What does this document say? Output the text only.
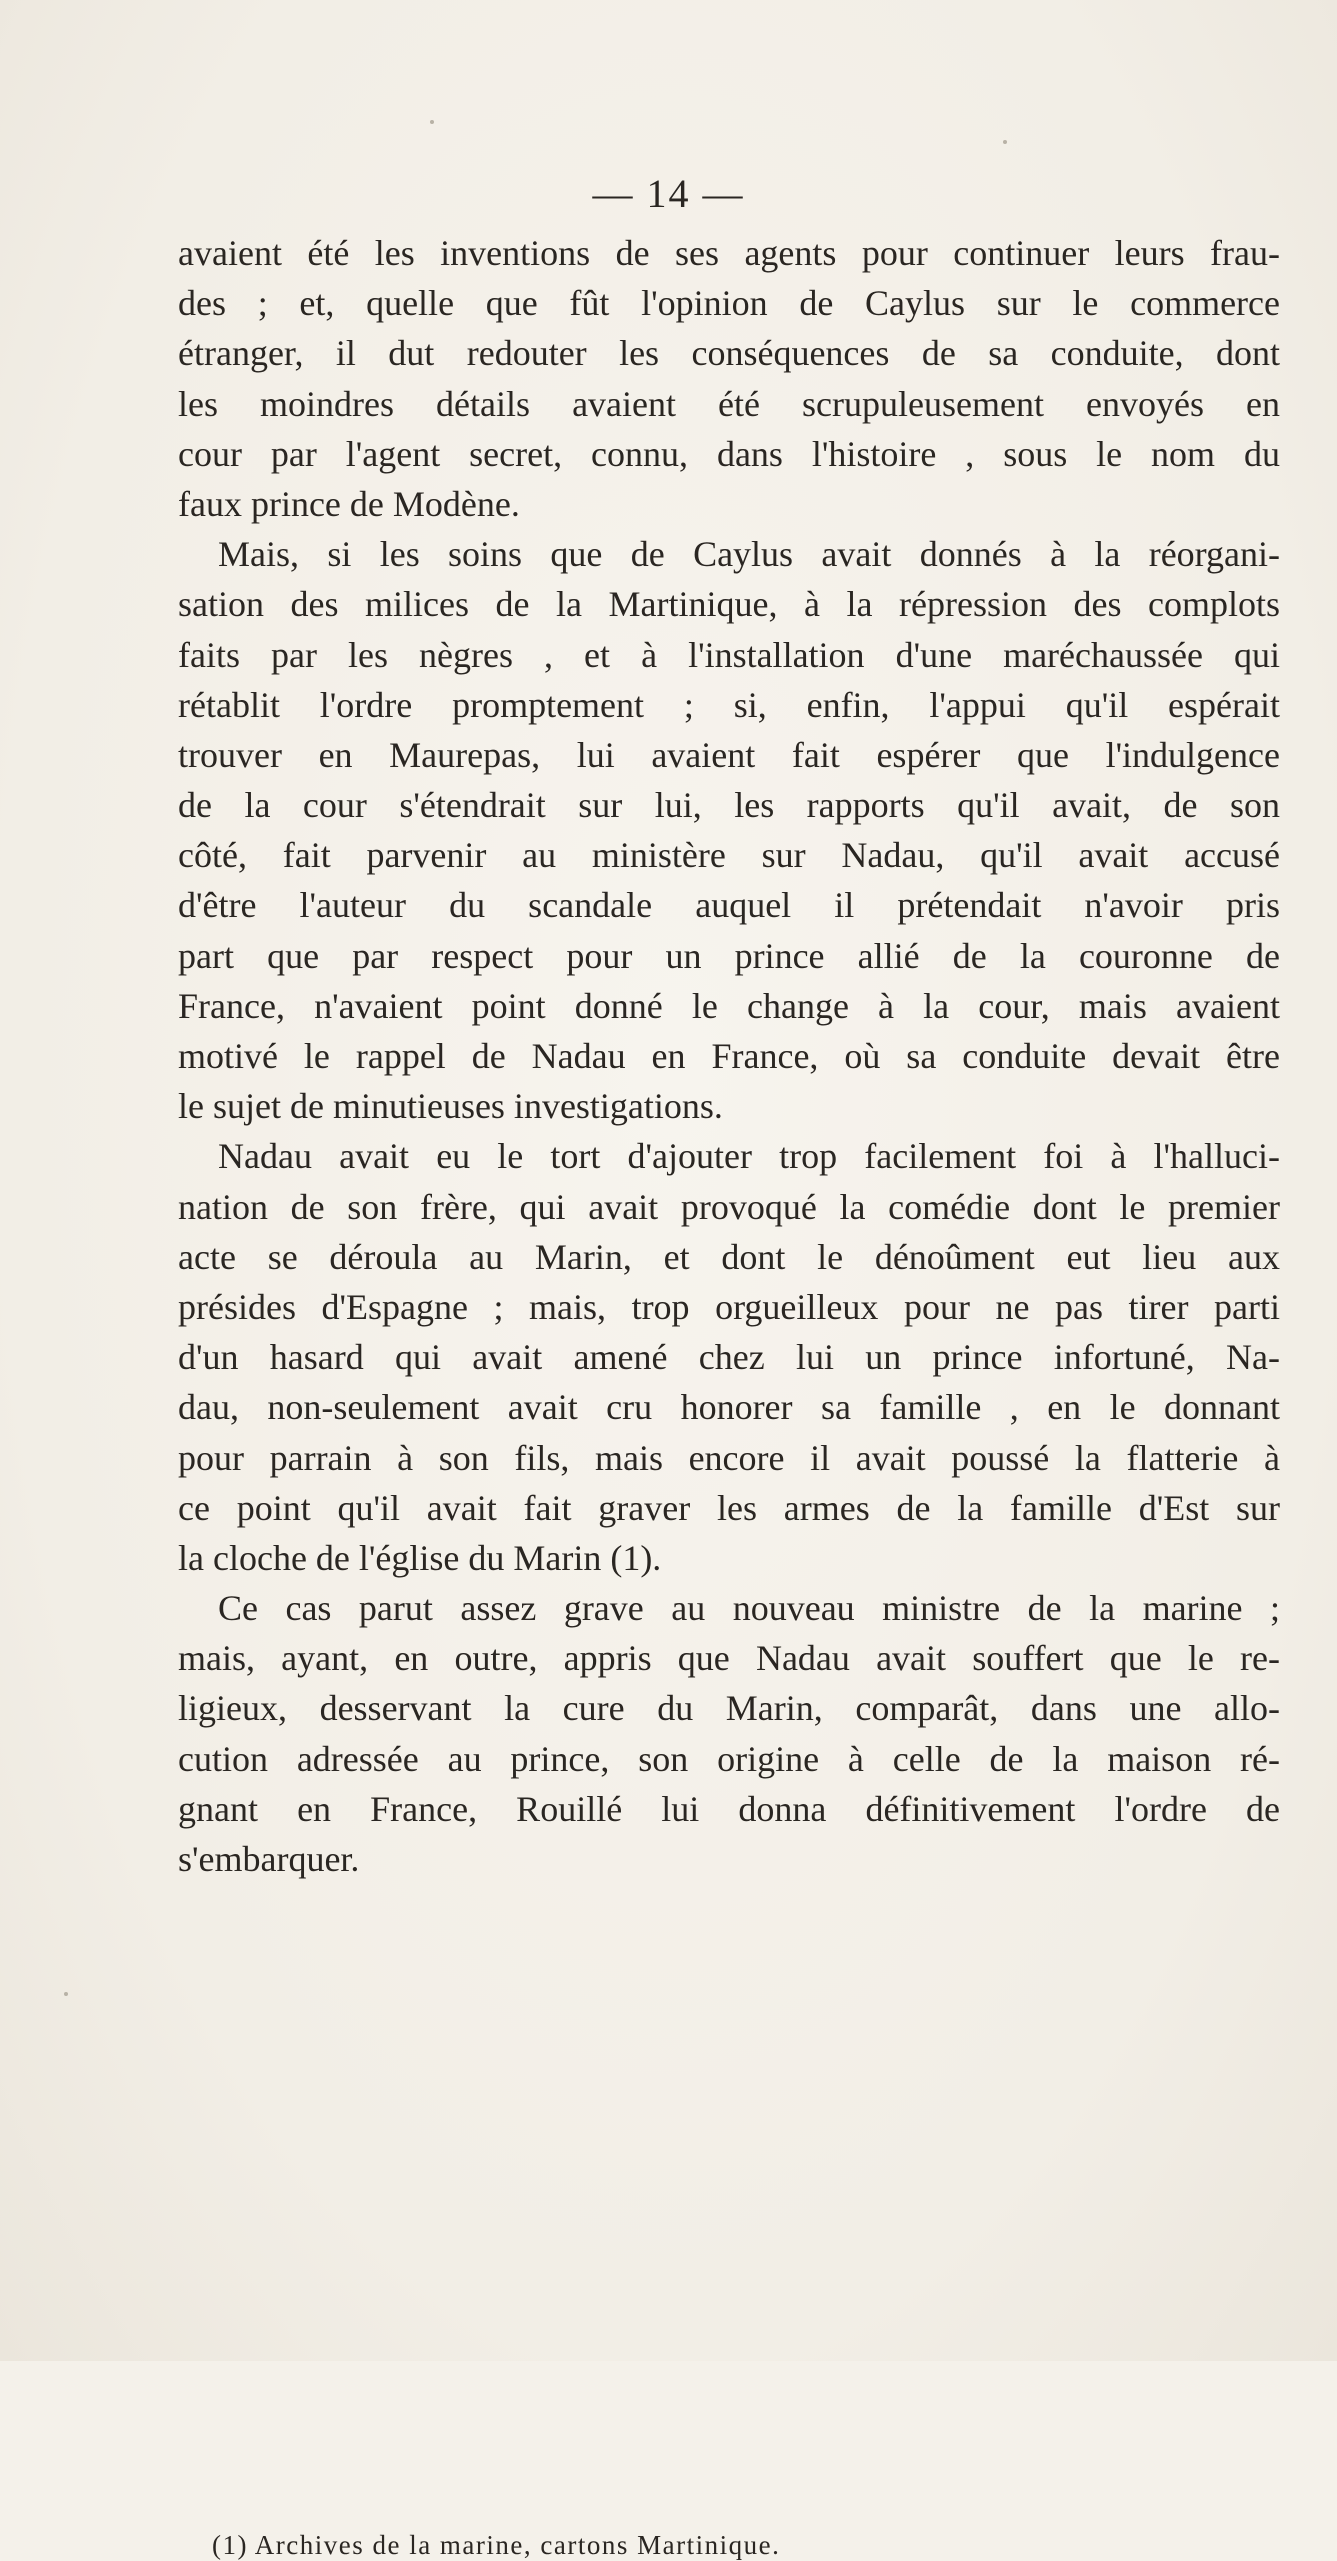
— 14 —
avaient été les inventions de ses agents pour continuer leurs frau-
des ; et, quelle que fût l'opinion de Caylus sur le commerce
étranger, il dut redouter les conséquences de sa conduite, dont
les moindres détails avaient été scrupuleusement envoyés en
cour par l'agent secret, connu, dans l'histoire , sous le nom du
faux prince de Modène.
Mais, si les soins que de Caylus avait donnés à la réorgani-
sation des milices de la Martinique, à la répression des complots
faits par les nègres , et à l'installation d'une maréchaussée qui
rétablit l'ordre promptement ; si, enfin, l'appui qu'il espérait
trouver en Maurepas, lui avaient fait espérer que l'indulgence
de la cour s'étendrait sur lui, les rapports qu'il avait, de son
côté, fait parvenir au ministère sur Nadau, qu'il avait accusé
d'être l'auteur du scandale auquel il prétendait n'avoir pris
part que par respect pour un prince allié de la couronne de
France, n'avaient point donné le change à la cour, mais avaient
motivé le rappel de Nadau en France, où sa conduite devait être
le sujet de minutieuses investigations.
Nadau avait eu le tort d'ajouter trop facilement foi à l'halluci-
nation de son frère, qui avait provoqué la comédie dont le premier
acte se déroula au Marin, et dont le dénoûment eut lieu aux
présides d'Espagne ; mais, trop orgueilleux pour ne pas tirer parti
d'un hasard qui avait amené chez lui un prince infortuné, Na-
dau, non-seulement avait cru honorer sa famille , en le donnant
pour parrain à son fils, mais encore il avait poussé la flatterie à
ce point qu'il avait fait graver les armes de la famille d'Est sur
la cloche de l'église du Marin (1).
Ce cas parut assez grave au nouveau ministre de la marine ;
mais, ayant, en outre, appris que Nadau avait souffert que le re-
ligieux, desservant la cure du Marin, comparât, dans une allo-
cution adressée au prince, son origine à celle de la maison ré-
gnant en France, Rouillé lui donna définitivement l'ordre de
s'embarquer.
(1) Archives de la marine, cartons Martinique.
